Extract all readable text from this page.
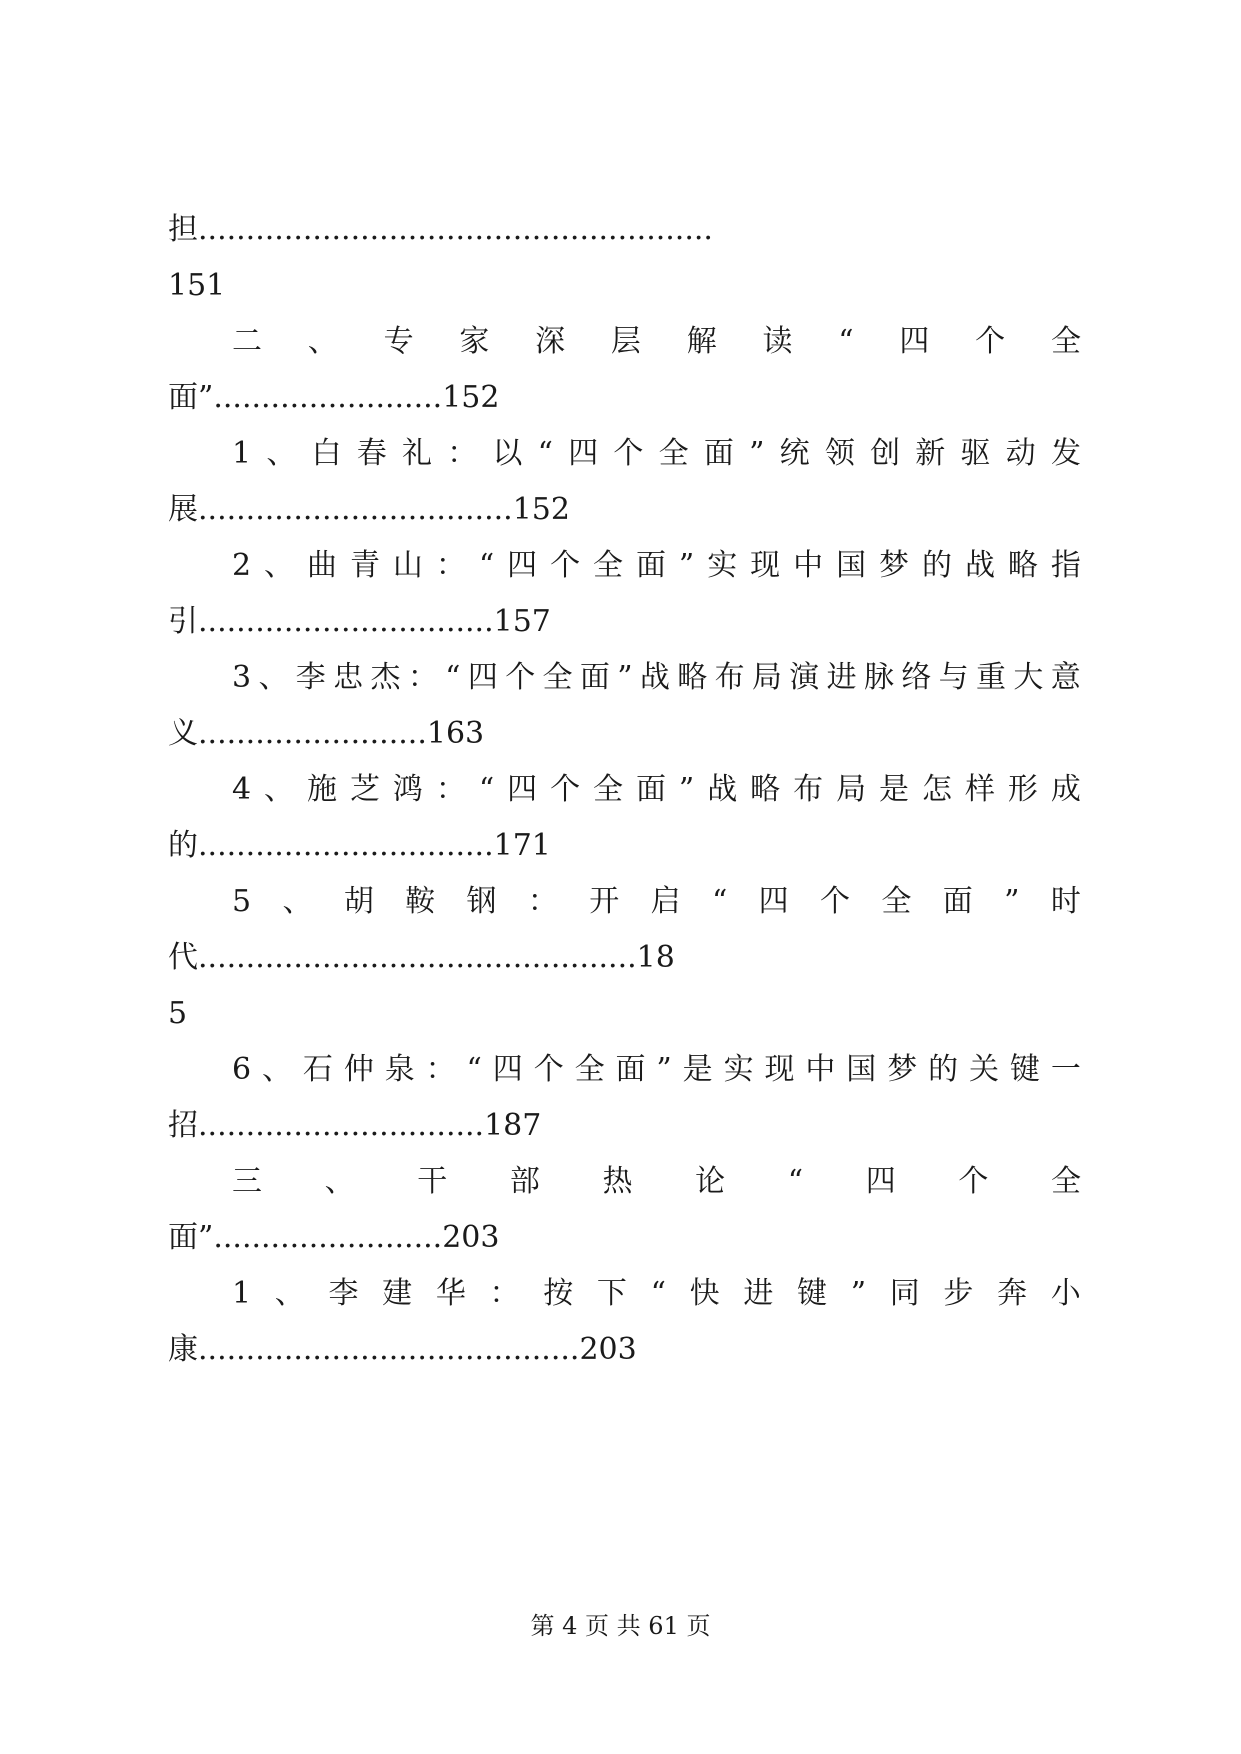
担......................................................
151
二 、 专 家 深 层 解 读 “ 四 个 全
面”........................152
1 、 白 春 礼 ： 以 “ 四 个 全 面 ” 统 领 创 新 驱 动 发
展.................................152
2 、 曲 青 山 ： “ 四 个 全 面 ” 实 现 中 国 梦 的 战 略 指
引...............................157
3 、 李 忠 杰 ： “ 四 个 全 面 ” 战 略 布 局 演 进 脉 络 与 重 大 意
义........................163
4 、 施 芝 鸿 ： “ 四 个 全 面 ” 战 略 布 局 是 怎 样 形 成
的...............................171
5 、 胡 鞍 钢 ： 开 启 “ 四 个 全 面 ” 时
代..............................................18
5
6 、 石 仲 泉 ： “ 四 个 全 面 ” 是 实 现 中 国 梦 的 关 键 一
招..............................187
三 、 干 部 热 论 “ 四 个 全
面”........................203
1 、 李 建 华 ： 按 下 “ 快 进 键 ” 同 步 奔 小
康........................................203
第 4 页 共 61 页
